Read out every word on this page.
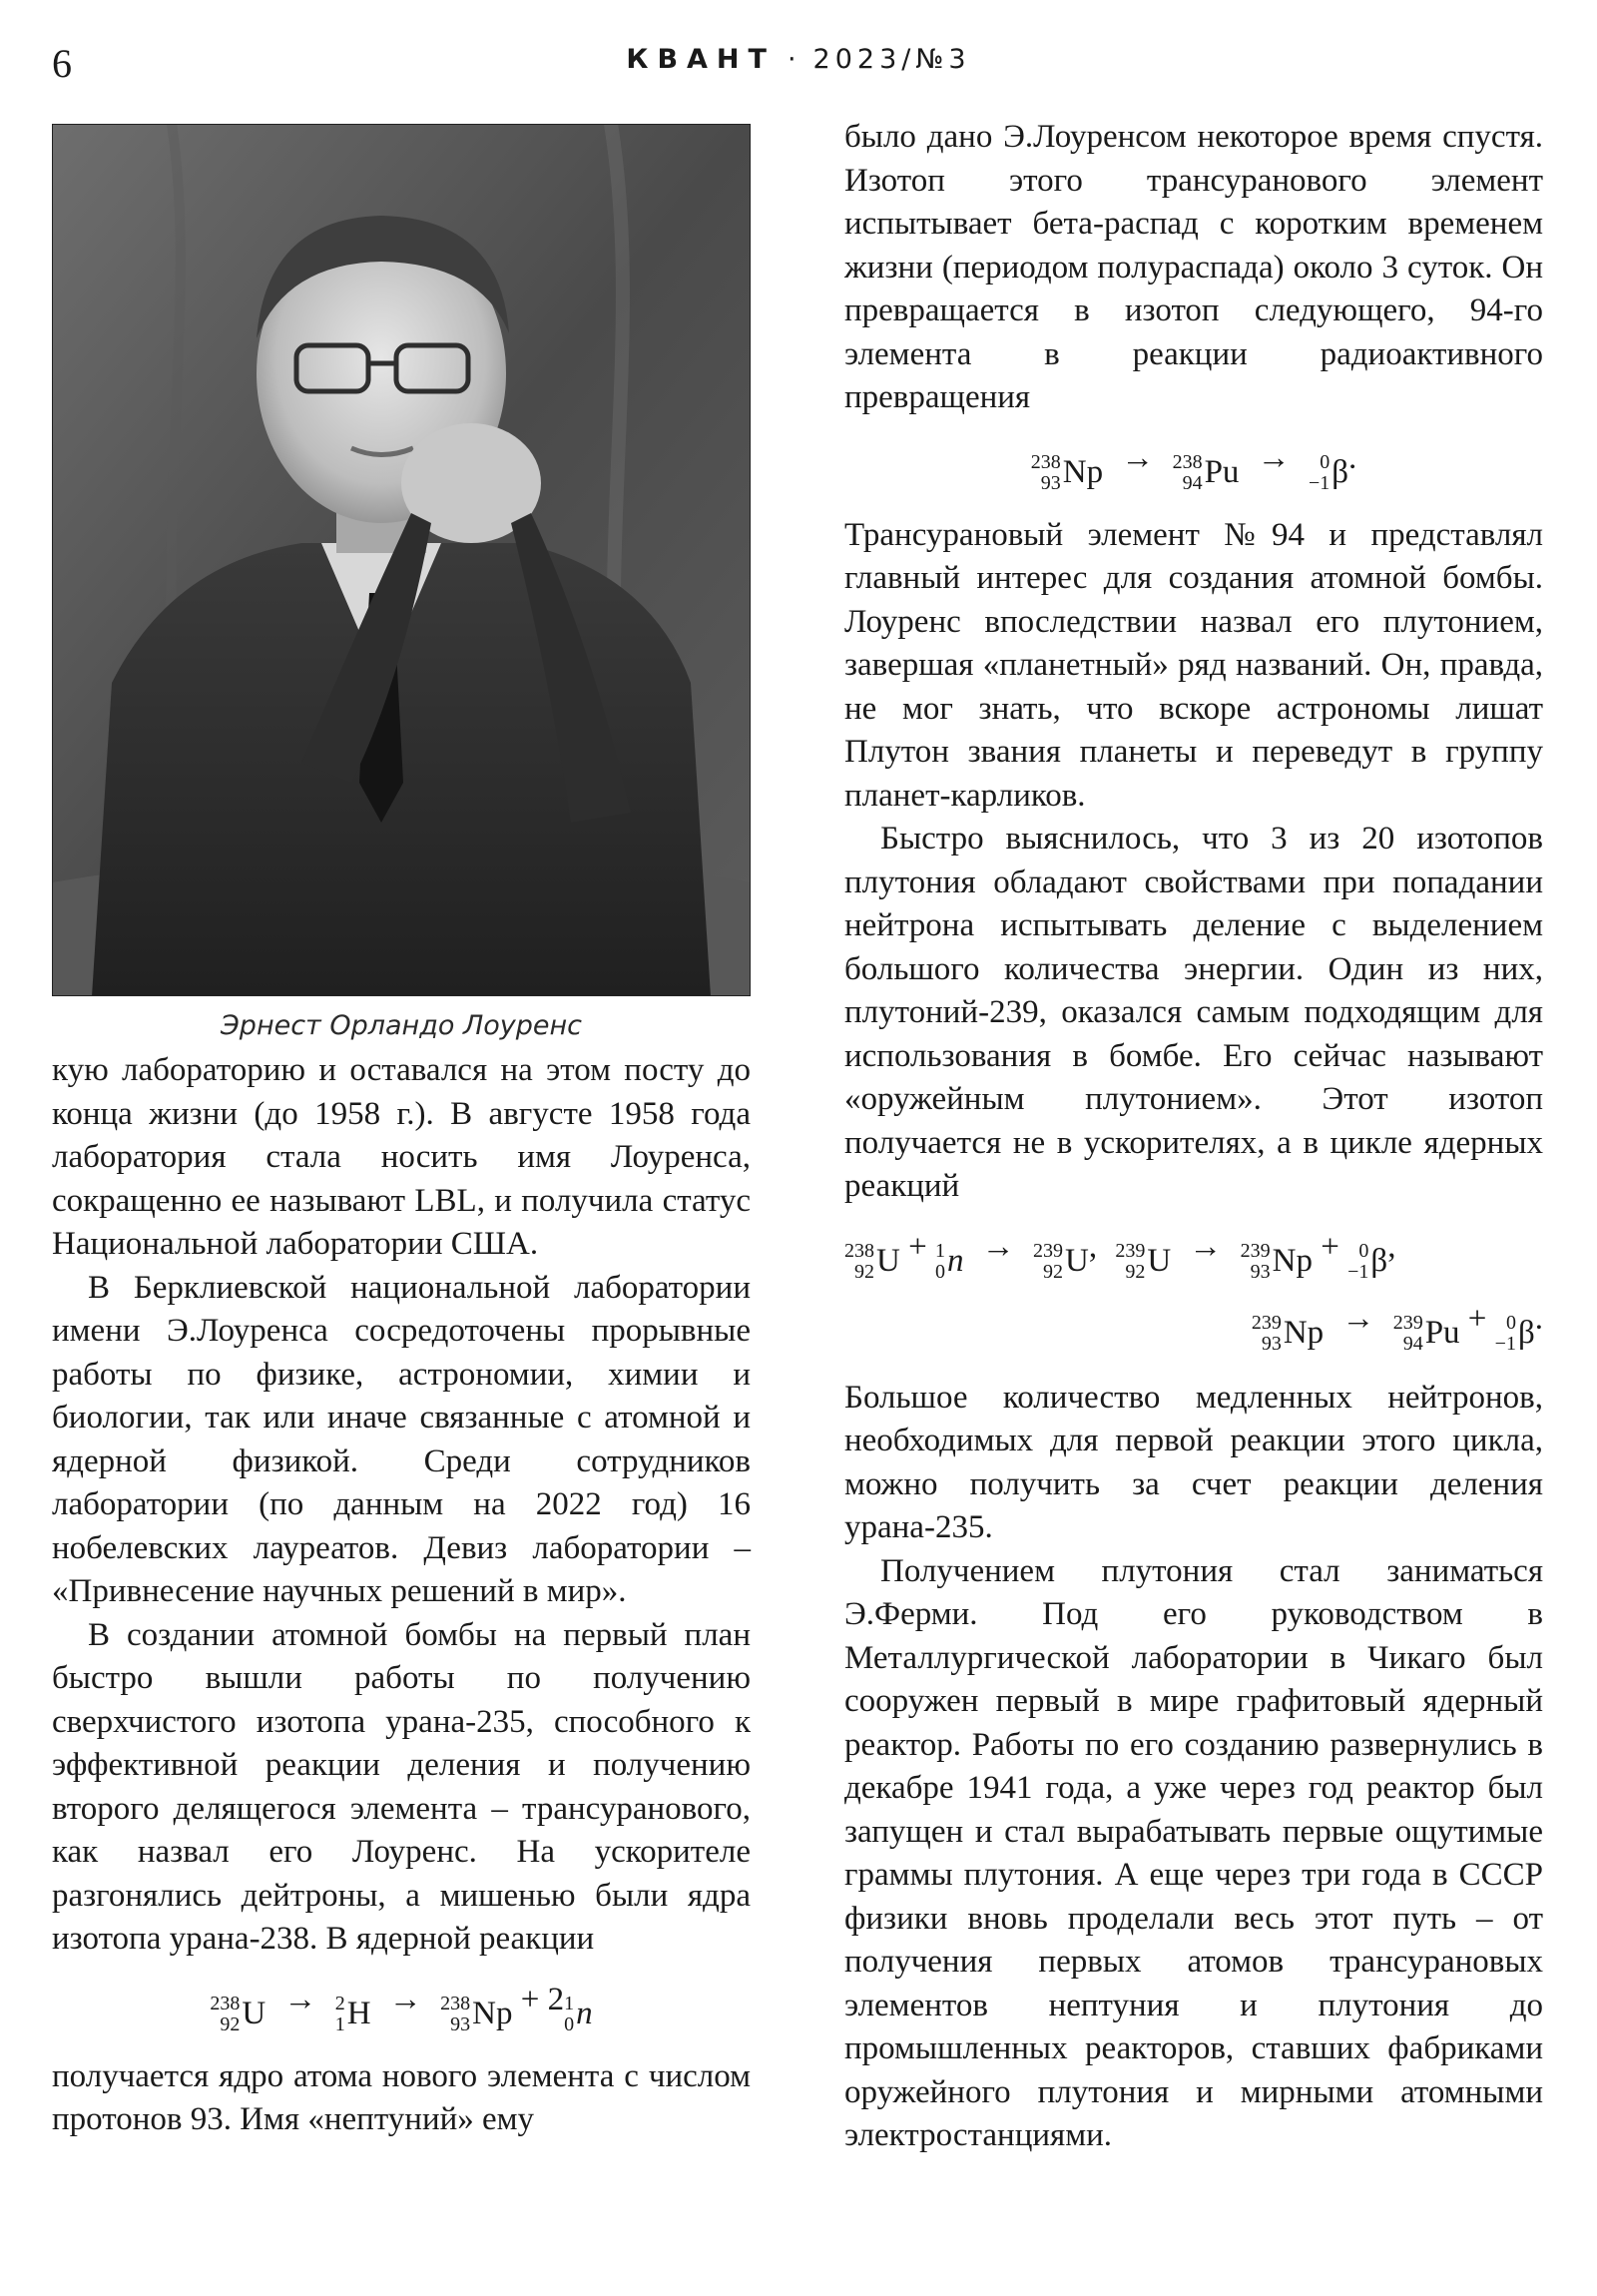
6	КВАНТ · 2023/№3
Эрнест Орландо Лоуренс

кую лабораторию и оставался на этом посту до конца жизни (до 1958 г.). В августе 1958 года лаборатория стала носить имя Лоуренса, сокращенно ее называют LBL, и получила статус Национальной лаборатории США.

В Берклиевской национальной лаборатории имени Э.Лоуренса сосредоточены прорывные работы по физике, астрономии, химии и биологии, так или иначе связанные с атомной и ядерной физикой. Среди сотрудников лаборатории (по данным на 2022 год) 16 нобелевских лауреатов. Девиз лаборатории – «Привнесение научных решений в мир».

В создании атомной бомбы на первый план быстро вышли работы по получению сверхчистого изотопа урана-235, способного к эффективной реакции деления и получению второго делящегося элемента – трансуранового, как назвал его Лоуренс. На ускорителе разгонялись дейтроны, а мишенью были ядра изотопа урана-238. В ядерной реакции

238
92 U → 2
1 H → 238
93 Np + 2 1
0 n

получается ядро атома нового элемента с числом протонов 93. Имя «нептуний» ему

было дано Э.Лоуренсом некоторое время спустя. Изотоп этого трансуранового элемент испытывает бета-распад с коротким временем жизни (периодом полураспада) около 3 суток. Он превращается в изотоп следующего, 94-го элемента в реакции радиоактивного превращения

238
93 Np → 238
94 Pu →	0
−1 β .

Трансурановый элемент №94 и представлял главный интерес для создания атомной бомбы. Лоуренс впоследствии назвал его плутонием, завершая «планетный» ряд названий. Он, правда, не мог знать, что вскоре астрономы лишат Плутон звания планеты и переведут в группу планет-карликов.

Быстро выяснилось, что 3 из 20 изотопов плутония обладают свойствами при попадании нейтрона испытывать деление с выделением большого количества энергии. Один из них, плутоний-239, оказался самым подходящим для использования в бомбе. Его сейчас называют «оружейным плутонием». Этот изотоп получается не в ускорителях, а в цикле ядерных реакций

238
92 U + 1
0 n → 239
92 U , 239
92 U → 239
93 Np + 0
−1 β ,
239
93 Np → 239
94 Pu + 0
−1 β .

Большое количество медленных нейтронов, необходимых для первой реакции этого цикла, можно получить за счет реакции деления урана-235.

Получением плутония стал заниматься Э.Ферми. Под его руководством в Металлургической лаборатории в Чикаго был сооружен первый в мире графитовый ядерный реактор. Работы по его созданию развернулись в декабре 1941 года, а уже через год реактор был запущен и стал вырабатывать первые ощутимые граммы плутония. А еще через три года в СССР физики вновь проделали весь этот путь – от получения первых атомов трансурановых элементов нептуния и плутония до промышленных реакторов, ставших фабриками оружейного плутония и мирными атомными электростанциями.
